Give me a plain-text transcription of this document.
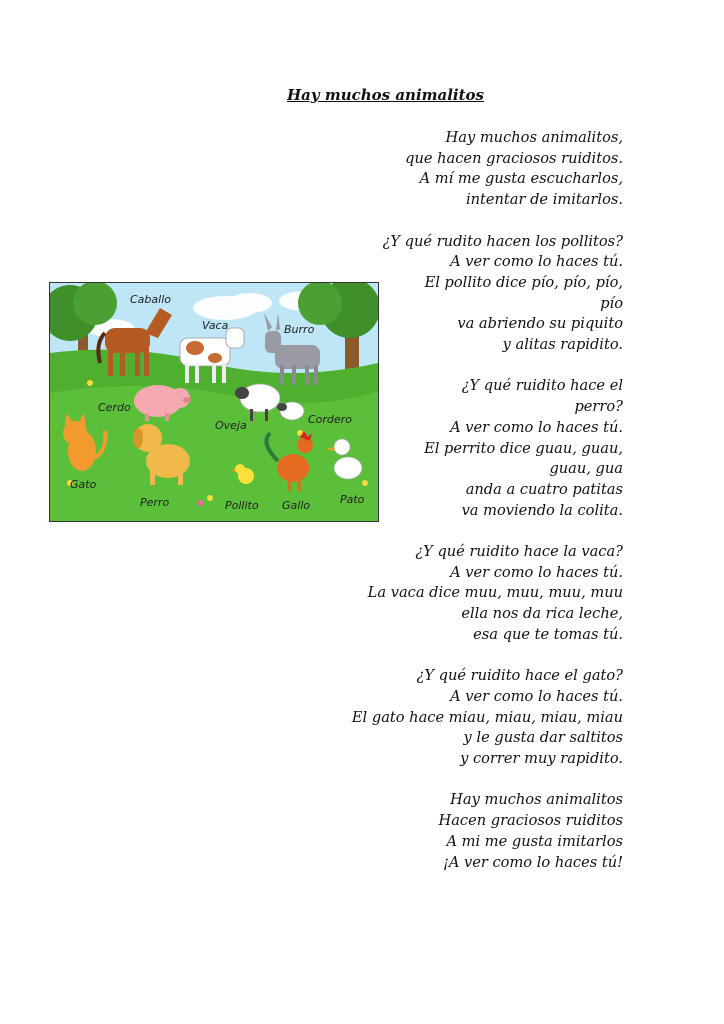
Hay muchos animalitos
Caballo
Vaca	Burro
Cerdo
Oveja	Cordero
Gato
Perro	Pollito Gallo	Pato
Hay muchos animalitos,
que hacen graciosos ruiditos.
A mí me gusta escucharlos,
intentar de imitarlos.
¿Y qué rudito hacen los pollitos?
A ver como lo haces tú.
El pollito dice pío, pío, pío,
pío
va abriendo su piquito
y alitas rapidito.
¿Y qué ruidito hace el
perro?
A ver como lo haces tú.
El perrito dice guau, guau,
guau, gua
anda a cuatro patitas
va moviendo la colita.
¿Y qué ruidito hace la vaca?
A ver como lo haces tú.
La vaca dice muu, muu, muu, muu
ella nos da rica leche,
esa que te tomas tú.
¿Y qué ruidito hace el gato?
A ver como lo haces tú.
El gato hace miau, miau, miau, miau
y le gusta dar saltitos
y correr muy rapidito.
Hay muchos animalitos
Hacen graciosos ruiditos
A mi me gusta imitarlos
¡A ver como lo haces tú!
